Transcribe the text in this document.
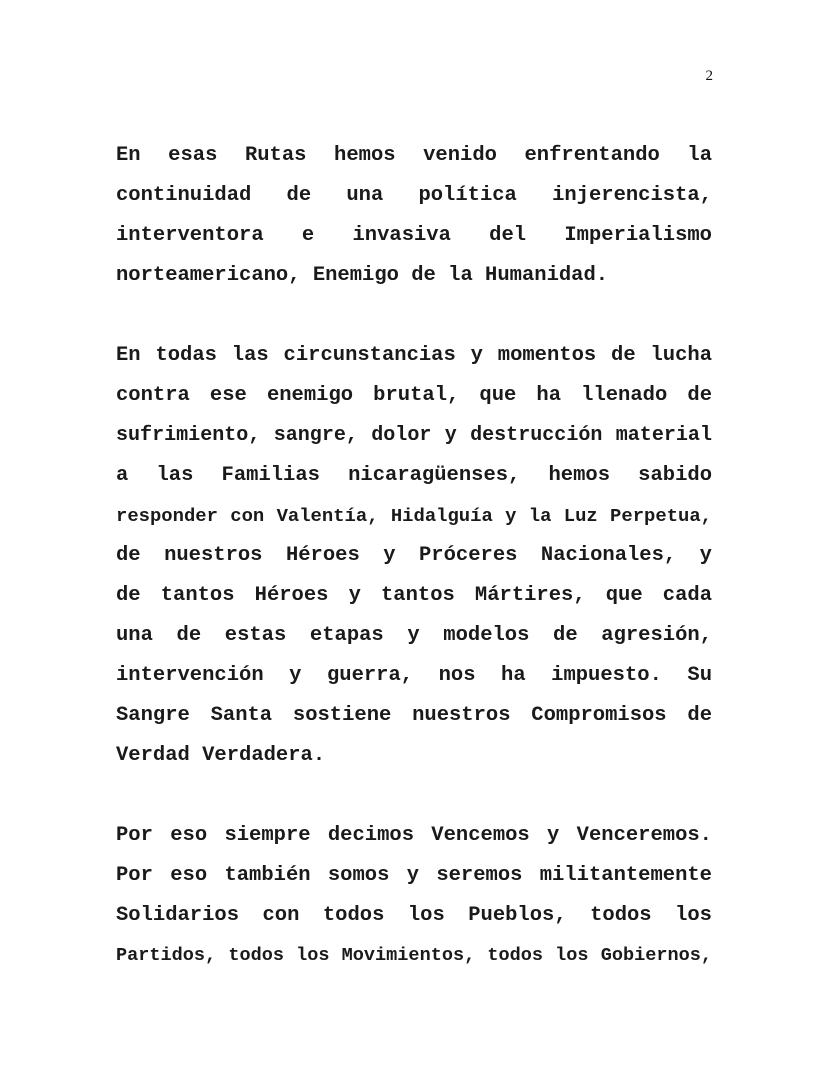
2
En esas Rutas hemos venido enfrentando la
continuidad de una política injerencista,
interventora e invasiva del Imperialismo
norteamericano, Enemigo de la Humanidad.
En todas las circunstancias y momentos de lucha
contra ese enemigo brutal, que ha llenado de
sufrimiento, sangre, dolor y destrucción material
a las Familias nicaragüenses, hemos sabido
responder con Valentía, Hidalguía y la Luz Perpetua,
de nuestros Héroes y Próceres Nacionales, y
de tantos Héroes y tantos Mártires, que cada
una de estas etapas y modelos de agresión,
intervención y guerra, nos ha impuesto. Su
Sangre Santa sostiene nuestros Compromisos de
Verdad Verdadera.
Por eso siempre decimos Vencemos y Venceremos.
Por eso también somos y seremos militantemente
Solidarios con todos los Pueblos, todos los
Partidos, todos los Movimientos, todos los Gobiernos,
